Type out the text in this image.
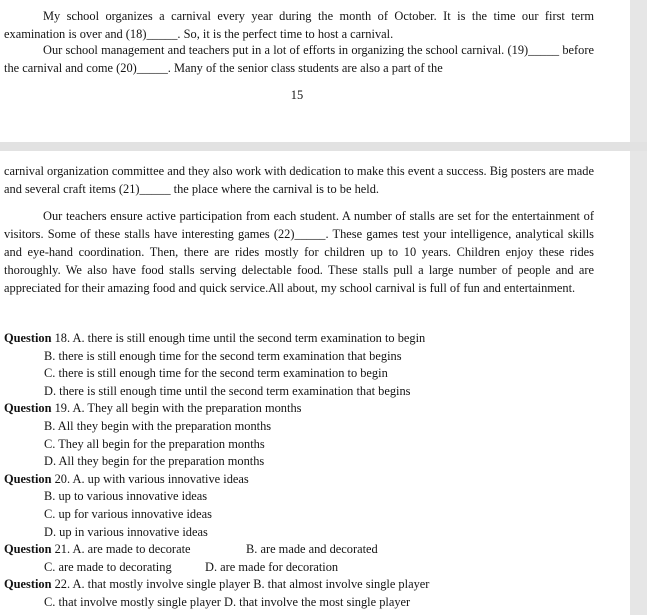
My school organizes a carnival every year during the month of October. It is the time our first term examination is over and (18)_____. So, it is the perfect time to host a carnival.
Our school management and teachers put in a lot of efforts in organizing the school carnival. (19)_____ before the carnival and come (20)_____. Many of the senior class students are also a part of the
15
carnival organization committee and they also work with dedication to make this event a success. Big posters are made and several craft items (21)_____ the place where the carnival is to be held.
Our teachers ensure active participation from each student. A number of stalls are set for the entertainment of visitors. Some of these stalls have interesting games (22)_____. These games test your intelligence, analytical skills and eye-hand coordination. Then, there are rides mostly for children up to 10 years. Children enjoy these rides thoroughly. We also have food stalls serving delectable food. These stalls pull a large number of people and are appreciated for their amazing food and quick service.All about, my school carnival is full of fun and entertainment.
Question 18. A. there is still enough time until the second term examination to begin
B. there is still enough time for the second term examination that begins
C. there is still enough time for the second term examination to begin
D. there is still enough time until the second term examination that begins
Question 19. A. They all begin with the preparation months
B. All they begin with the preparation months
C. They all begin for the preparation months
D. All they begin for the preparation months
Question 20. A. up with various innovative ideas
B. up to various innovative ideas
C. up for various innovative ideas
D. up in various innovative ideas
Question 21. A. are made to decorate	B. are made and decorated
C. are made to decorating	D. are made for decoration
Question 22. A. that mostly involve single player B. that almost involve single player
C. that involve mostly single player D. that involve the most single player
